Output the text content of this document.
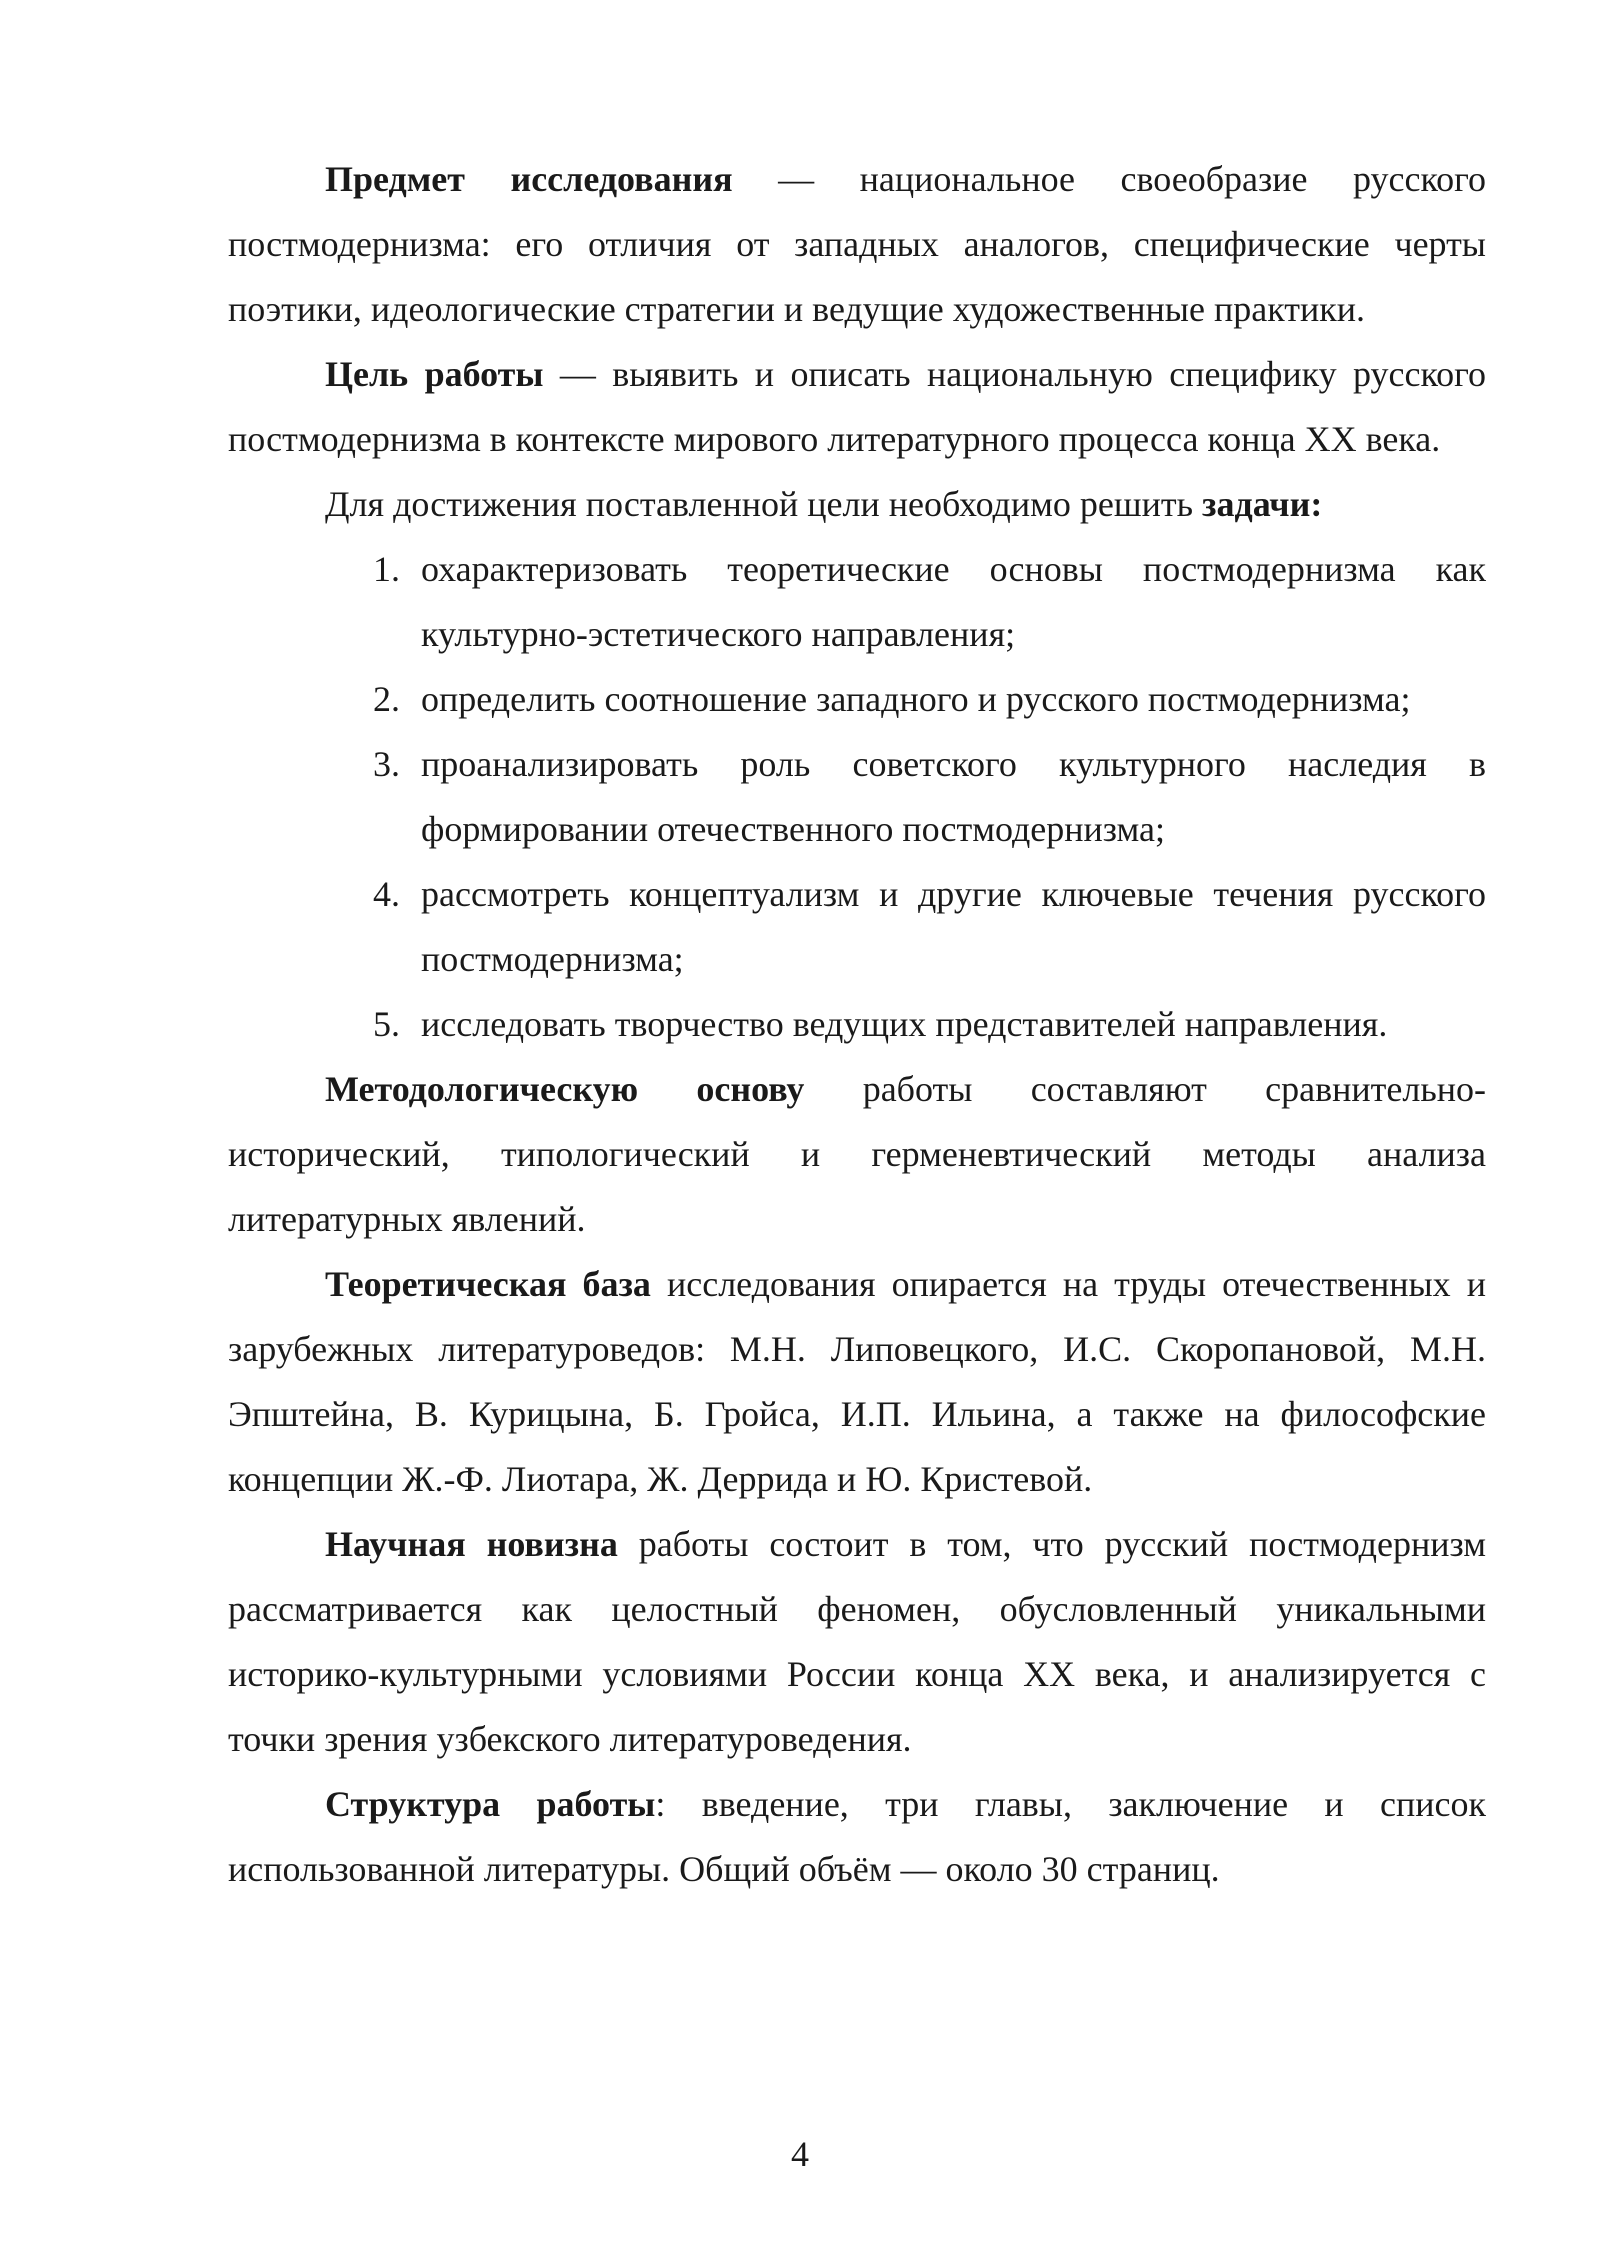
Предмет исследования — национальное своеобразие русского постмодернизма: его отличия от западных аналогов, специфические черты поэтики, идеологические стратегии и ведущие художественные практики.

Цель работы — выявить и описать национальную специфику русского постмодернизма в контексте мирового литературного процесса конца XX века.

Для достижения поставленной цели необходимо решить задачи:

1. охарактеризовать теоретические основы постмодернизма как культурно-эстетического направления;
2. определить соотношение западного и русского постмодернизма;
3. проанализировать роль советского культурного наследия в формировании отечественного постмодернизма;
4. рассмотреть концептуализм и другие ключевые течения русского постмодернизма;
5. исследовать творчество ведущих представителей направления.

Методологическую основу работы составляют сравнительно-исторический, типологический и герменевтический методы анализа литературных явлений.

Теоретическая база исследования опирается на труды отечественных и зарубежных литературоведов: М.Н. Липовецкого, И.С. Скоропановой, М.Н. Эпштейна, В. Курицына, Б. Гройса, И.П. Ильина, а также на философские концепции Ж.-Ф. Лиотара, Ж. Деррида и Ю. Кристевой.

Научная новизна работы состоит в том, что русский постмодернизм рассматривается как целостный феномен, обусловленный уникальными историко-культурными условиями России конца XX века, и анализируется с точки зрения узбекского литературоведения.

Структура работы: введение, три главы, заключение и список использованной литературы. Общий объём — около 30 страниц.

4
